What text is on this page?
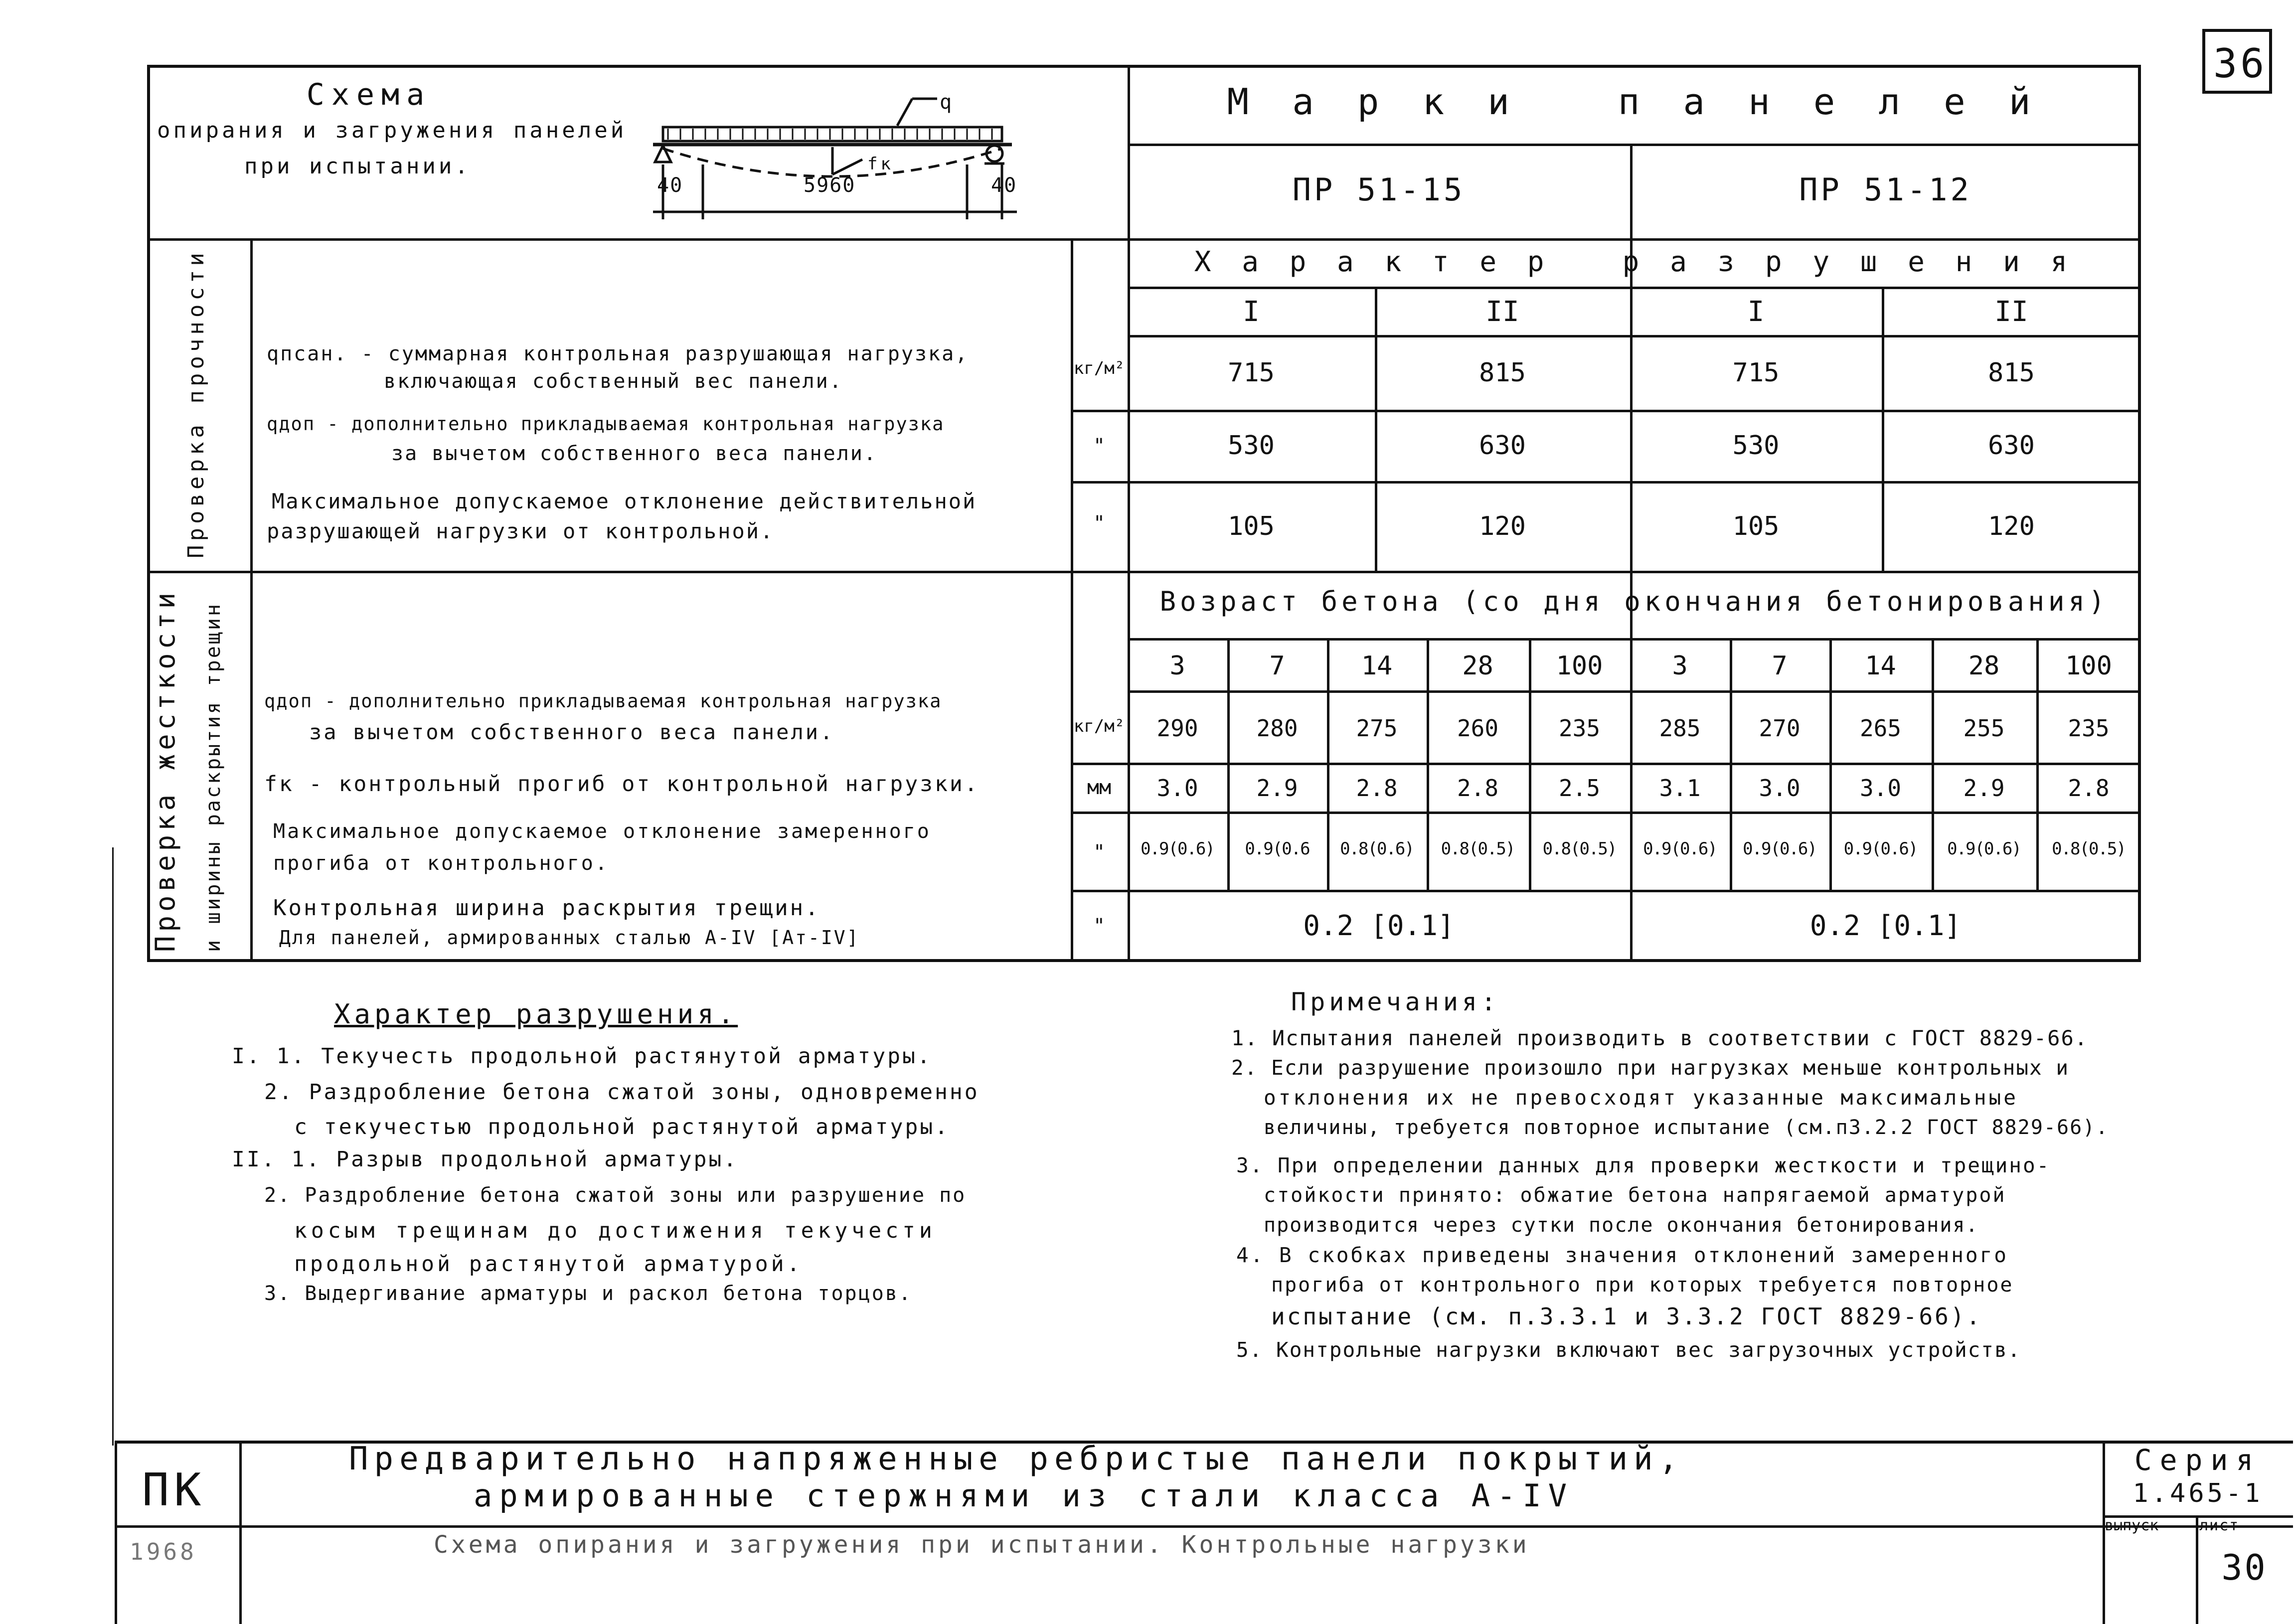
36
Схема
опирания и загружения панелей
при испытании.
q
fк
40	5960	40
М а р к и   п а н е л е й
ПР 51-15	ПР 51-12
Проверка прочности	Х а р а к т е р   р а з р у ш е н и я
I	II	I	II
qпсан. - суммарная контрольная разрушающая нагрузка,
включающая собственный вес панели.
кг/м²	715	815	715	815
qдоп - дополнительно прикладываемая контрольная нагрузка
за вычетом собственного веса панели.	"	530	630	530	630
Максимальное допускаемое отклонение действительной
разрушающей нагрузки от контрольной.	"	105	120	105	120
Проверка жесткости и ширины раскрытия трещин
Возраст бетона (со дня окончания бетонирования)
3	7	14	28	100	3	7	14	28	100
qдоп - дополнительно прикладываемая контрольная нагрузка
за вычетом собственного веса панели.	кг/м²	290	280	275	260	235	285	270	265	255	235
fк - контрольный прогиб от контрольной нагрузки.	мм	3.0	2.9	2.8	2.8	2.5	3.1	3.0	3.0	2.9	2.8
Максимальное допускаемое отклонение замеренного
прогиба от контрольного.	"	0.9(0.6)	0.9(0.6	0.8(0.6)	0.8(0.5)	0.8(0.5)	0.9(0.6)	0.9(0.6)	0.9(0.6)	0.9(0.6)	0.8(0.5)
Контрольная ширина раскрытия трещин.
Для панелей, армированных сталью А-IV [Ат-IV]	"	0.2 [0.1]	0.2 [0.1]
Характер разрушения.
I. 1. Текучесть продольной растянутой арматуры.
2. Раздробление бетона сжатой зоны, одновременно
с текучестью продольной растянутой арматуры.
II. 1. Разрыв продольной арматуры.
2. Раздробление бетона сжатой зоны или разрушение по
косым трещинам до достижения текучести
продольной растянутой арматурой.
3. Выдергивание арматуры и раскол бетона торцов.
Примечания:
1. Испытания панелей производить в соответствии с ГОСТ 8829-66.
2. Если разрушение произошло при нагрузках меньше контрольных и
отклонения их не превосходят указанные максимальные
величины, требуется повторное испытание (см.п3.2.2 ГОСТ 8829-66).
3. При определении данных для проверки жесткости и трещино-
стойкости принято: обжатие бетона напрягаемой арматурой
производится через сутки после окончания бетонирования.
4. В скобках приведены значения отклонений замеренного
прогиба от контрольного при которых требуется повторное
испытание (см. п.3.3.1 и 3.3.2 ГОСТ 8829-66).
5. Контрольные нагрузки включают вес загрузочных устройств.
ПК
Предварительно напряженные ребристые панели покрытий,
армированные стержнями из стали класса А-IV
Схема опирания и загружения при испытании. Контрольные нагрузки
1968
Серия
1.465-1
выпуск	лист
30
